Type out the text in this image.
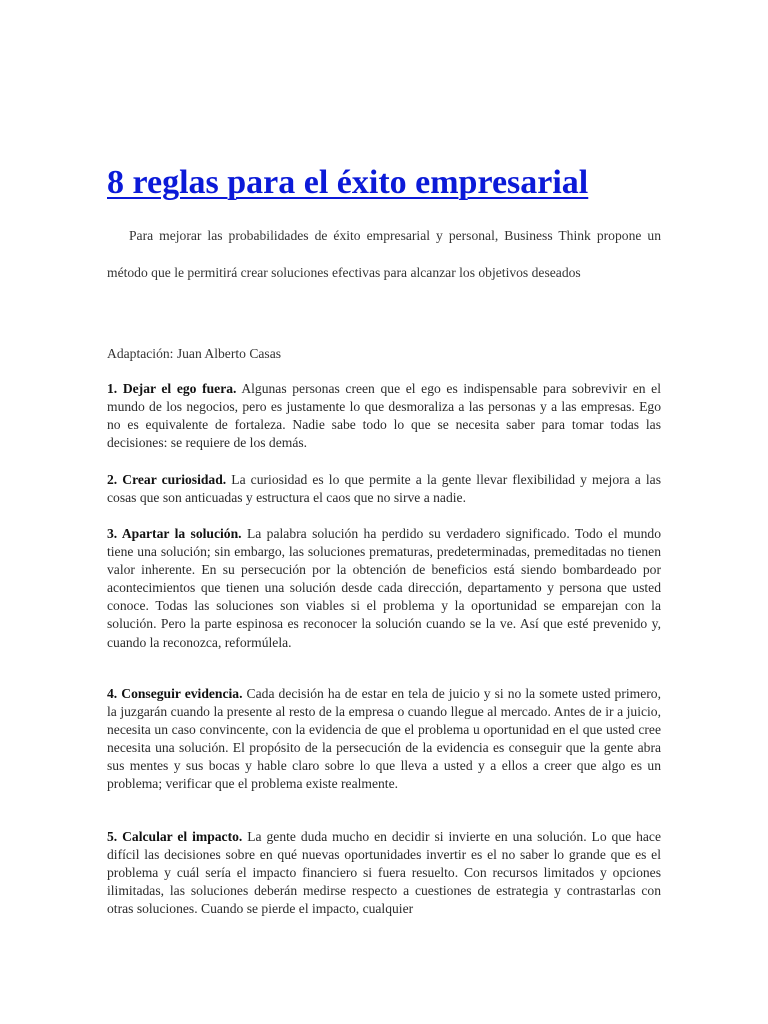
8 reglas para el éxito empresarial

Para mejorar las probabilidades de éxito empresarial y personal, Business Think propone un método que le permitirá crear soluciones efectivas para alcanzar los objetivos deseados

Adaptación: Juan Alberto Casas

1. Dejar el ego fuera. Algunas personas creen que el ego es indispensable para sobrevivir en el mundo de los negocios, pero es justamente lo que desmoraliza a las personas y a las empresas. Ego no es equivalente de fortaleza. Nadie sabe todo lo que se necesita saber para tomar todas las decisiones: se requiere de los demás.

2. Crear curiosidad. La curiosidad es lo que permite a la gente llevar flexibilidad y mejora a las cosas que son anticuadas y estructura el caos que no sirve a nadie.

3. Apartar la solución. La palabra solución ha perdido su verdadero significado. Todo el mundo tiene una solución; sin embargo, las soluciones prematuras, predeterminadas, premeditadas no tienen valor inherente. En su persecución por la obtención de beneficios está siendo bombardeado por acontecimientos que tienen una solución desde cada dirección, departamento y persona que usted conoce. Todas las soluciones son viables si el problema y la oportunidad se emparejan con la solución. Pero la parte espinosa es reconocer la solución cuando se la ve. Así que esté prevenido y, cuando la reconozca, reformúlela.

4. Conseguir evidencia. Cada decisión ha de estar en tela de juicio y si no la somete usted primero, la juzgarán cuando la presente al resto de la empresa o cuando llegue al mercado. Antes de ir a juicio, necesita un caso convincente, con la evidencia de que el problema u oportunidad en el que usted cree necesita una solución. El propósito de la persecución de la evidencia es conseguir que la gente abra sus mentes y sus bocas y hable claro sobre lo que lleva a usted y a ellos a creer que algo es un problema; verificar que el problema existe realmente.

5. Calcular el impacto. La gente duda mucho en decidir si invierte en una solución. Lo que hace difícil las decisiones sobre en qué nuevas oportunidades invertir es el no saber lo grande que es el problema y cuál sería el impacto financiero si fuera resuelto. Con recursos limitados y opciones ilimitadas, las soluciones deberán medirse respecto a cuestiones de estrategia y contrastarlas con otras soluciones. Cuando se pierde el impacto, cualquier
